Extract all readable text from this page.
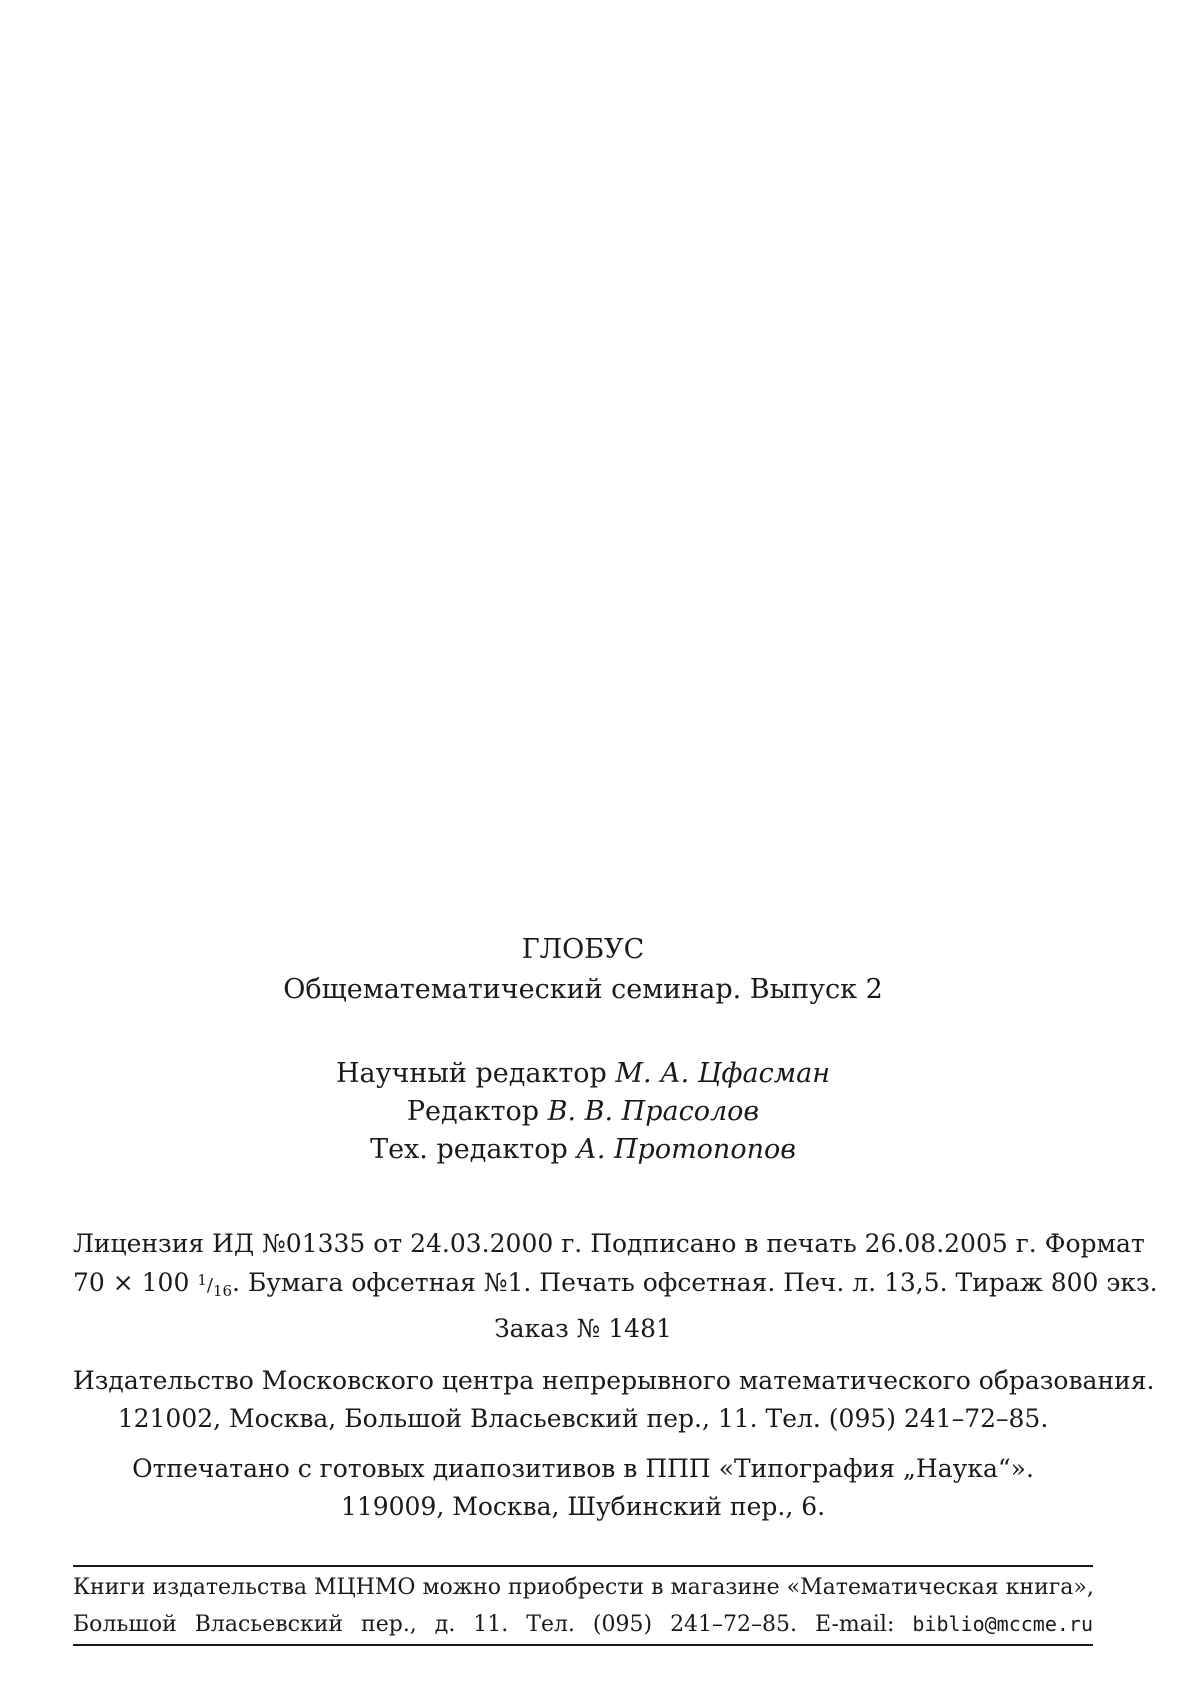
ГЛОБУС
Общематематический семинар. Выпуск 2
Научный редактор М. А. Цфасман
Редактор В. В. Прасолов
Тех. редактор А. Протопопов
Лицензия ИД №01335 от 24.03.2000 г. Подписано в печать 26.08.2005 г. Формат
70 × 100 $^1/_{16}$. Бумага офсетная №1. Печать офсетная. Печ. л. 13,5. Тираж 800 экз.
Заказ № 1481
Издательство Московского центра непрерывного математического образования.
121002, Москва, Большой Власьевский пер., 11. Тел. (095) 241–72–85.
Отпечатано с готовых диапозитивов в ППП «Типография „Наука“».
119009, Москва, Шубинский пер., 6.
Книги издательства МЦНМО можно приобрести в магазине «Математическая книга»,
Большой Власьевский пер., д. 11. Тел. (095) 241–72–85. E-mail: biblio@mccme.ru
